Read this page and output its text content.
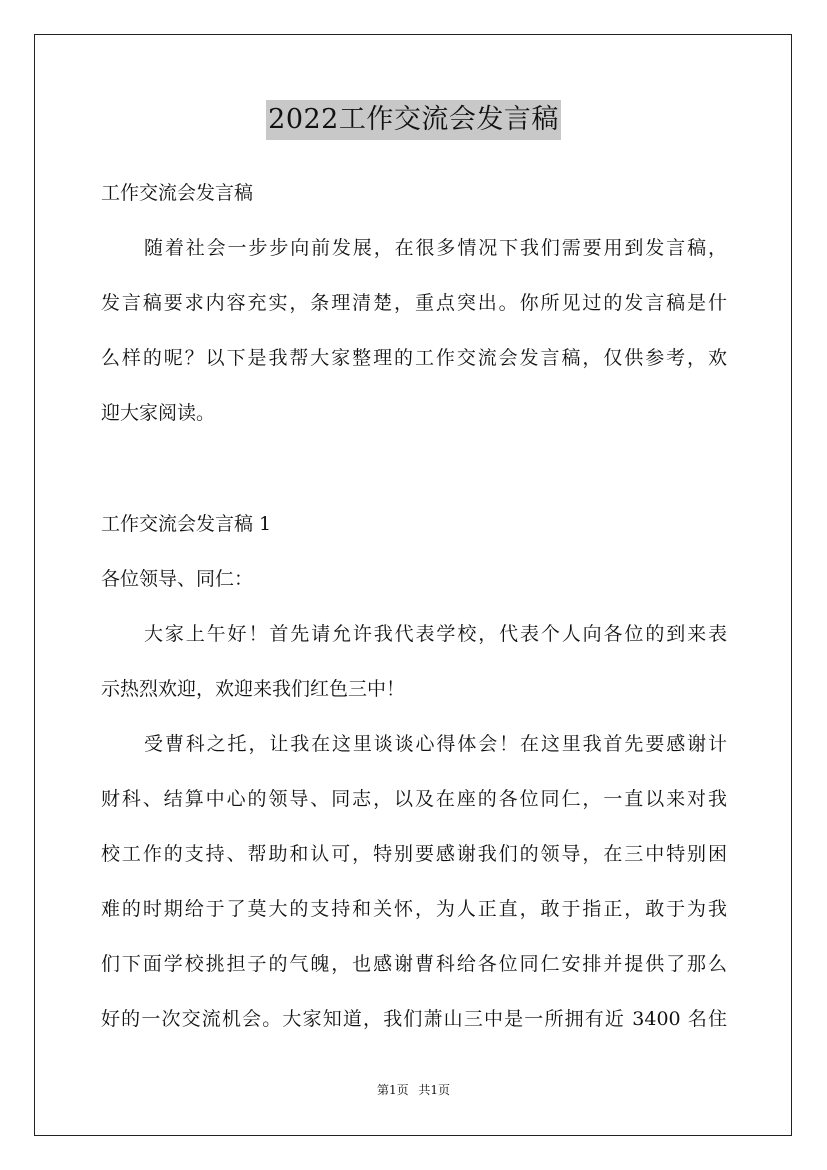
2022工作交流会发言稿
工作交流会发言稿
随着社会一步步向前发展，在很多情况下我们需要用到发言稿，
发言稿要求内容充实，条理清楚，重点突出。你所见过的发言稿是什
么样的呢？以下是我帮大家整理的工作交流会发言稿，仅供参考，欢
迎大家阅读。
工作交流会发言稿 1
各位领导、同仁：
大家上午好！首先请允许我代表学校，代表个人向各位的到来表
示热烈欢迎，欢迎来我们红色三中！
受曹科之托，让我在这里谈谈心得体会！在这里我首先要感谢计
财科、结算中心的领导、同志，以及在座的各位同仁，一直以来对我
校工作的支持、帮助和认可，特别要感谢我们的领导，在三中特别困
难的时期给于了莫大的支持和关怀，为人正直，敢于指正，敢于为我
们下面学校挑担子的气魄，也感谢曹科给各位同仁安排并提供了那么
好的一次交流机会。大家知道，我们萧山三中是一所拥有近 3400 名住
第1页 共1页
